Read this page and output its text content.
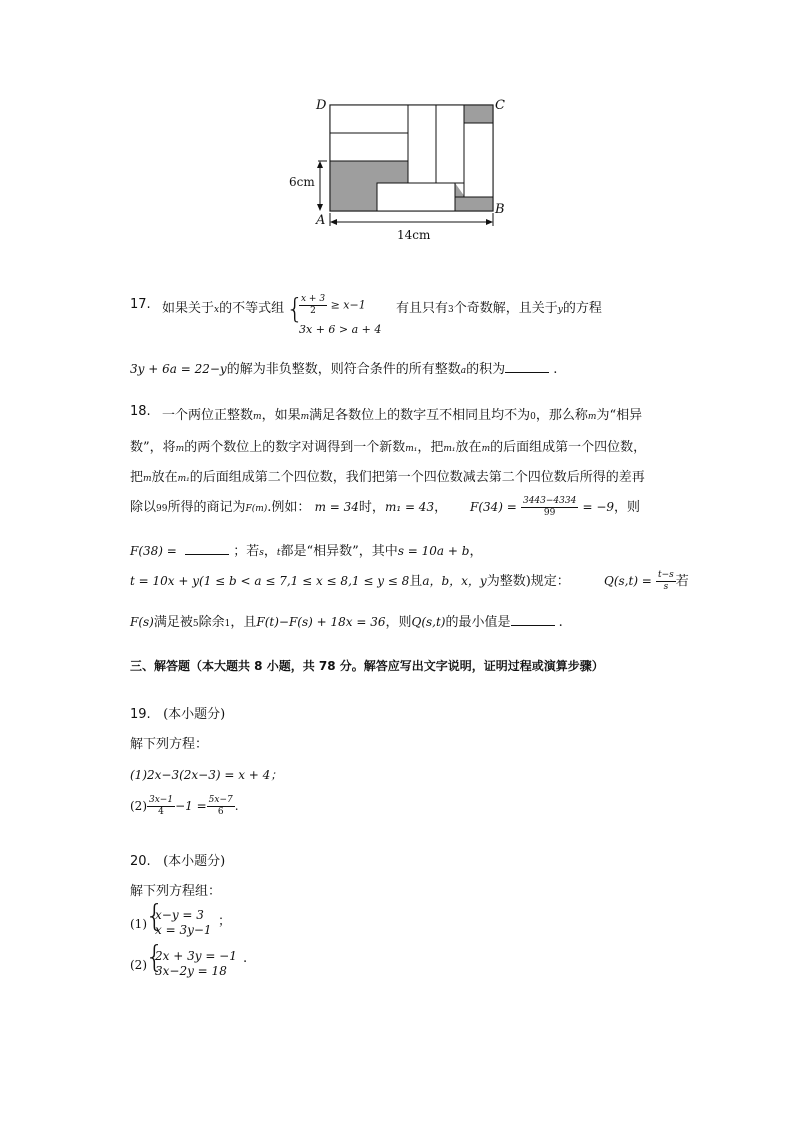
D	C
A
B
6cm
14cm
17. 如果关于x的不等式组 {
$\frac{x + 3}{2} \ge x-1$
3x + 6 > a + 4
有且只有3个奇数解，且关于y的方程
3y + 6a = 22−y的解为非负整数，则符合条件的所有整数a的积为	.
18. 一个两位正整数m，如果m满足各数位上的数字互不相同且均不为0，那么称m为“相异
数”，将m的两个数位上的数字对调得到一个新数m₁，把m₁放在m的后面组成第一个四位数，
把m放在m₁的后面组成第二个四位数，我们把第一个四位数减去第二个四位数后所得的差再
除以99所得的商记为F(m).例如： m = 34时，m₁ = 43， $F(34) = \frac{3443-4334}{99} = -9$，则
F(38) =	；若s，t都是“相异数”，其中s = 10a + b，
t = 10x + y(1 ≤ b < a ≤ 7,1 ≤ x ≤ 8,1 ≤ y ≤ 8且a，b，x，y为整数)规定：	$Q(s,t) = \frac{t-s}{s}$ 若
F(s)满足被5除余1，且F(t)−F(s) + 18x = 36，则Q(s,t)的最小值是	.
三、解答题（本大题共 8 小题，共 78 分。解答应写出文字说明，证明过程或演算步骤）
19. (本小题分)
解下列方程：
(1)2x−3(2x−3) = x + 4；
$(2) \frac{3x-1}{4} -1 = \frac{5x-7}{6}$ .
20. (本小题分)
解下列方程组：
(1)
{
x−y = 3
x = 3y−1
；
(2)
{
2x + 3y = −1
3x−2y = 18
.
